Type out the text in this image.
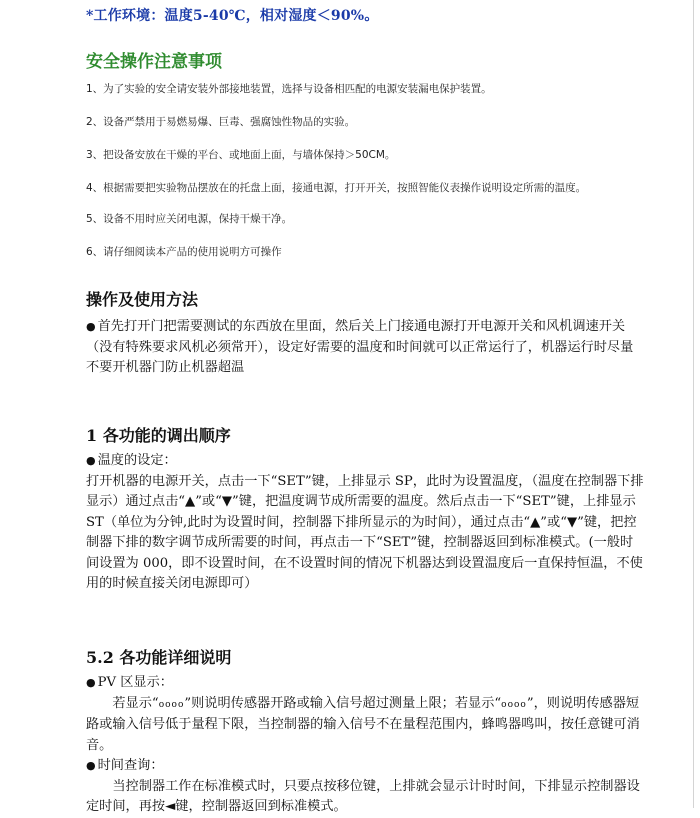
*工作环境：温度5-40℃，相对湿度＜90%。
安全操作注意事项
1、为了实验的安全请安装外部接地装置，选择与设备相匹配的电源安装漏电保护装置。
2、设备严禁用于易燃易爆、巨毒、强腐蚀性物品的实验。
3、把设备安放在干燥的平台、或地面上面，与墙体保持＞50CM。
4、根据需要把实验物品摆放在的托盘上面，接通电源，打开开关，按照智能仪表操作说明设定所需的温度。
5、设备不用时应关闭电源，保持干燥干净。
6、请仔细阅读本产品的使用说明方可操作
操作及使用方法
● 首先打开门把需要测试的东西放在里面，然后关上门接通电源打开电源开关和风机调速开关（没有特殊要求风机必须常开），设定好需要的温度和时间就可以正常运行了，机器运行时尽量不要开机器门防止机器超温
1 各功能的调出顺序
● 温度的设定：
打开机器的电源开关，点击一下“SET”键，上排显示 SP，此时为设置温度，（温度在控制器下排显示）通过点击“▲”或“▼”键，把温度调节成所需要的温度。然后点击一下“SET”键，上排显示 ST（单位为分钟,此时为设置时间，控制器下排所显示的为时间），通过点击“▲”或“▼”键，把控制器下排的数字调节成所需要的时间，再点击一下“SET”键，控制器返回到标准模式。(一般时间设置为 000，即不设置时间，在不设置时间的情况下机器达到设置温度后一直保持恒温，不使用的时候直接关闭电源即可）
5.2 各功能详细说明
● PV 区显示：
　　若显示“oooo”则说明传感器开路或输入信号超过测量上限；若显示“oooo”，则说明传感器短路或输入信号低于量程下限，当控制器的输入信号不在量程范围内，蜂鸣器鸣叫，按任意键可消音。
● 时间查询：
　　当控制器工作在标准模式时，只要点按移位键，上排就会显示计时时间，下排显示控制器设定时间，再按◄键，控制器返回到标准模式。
